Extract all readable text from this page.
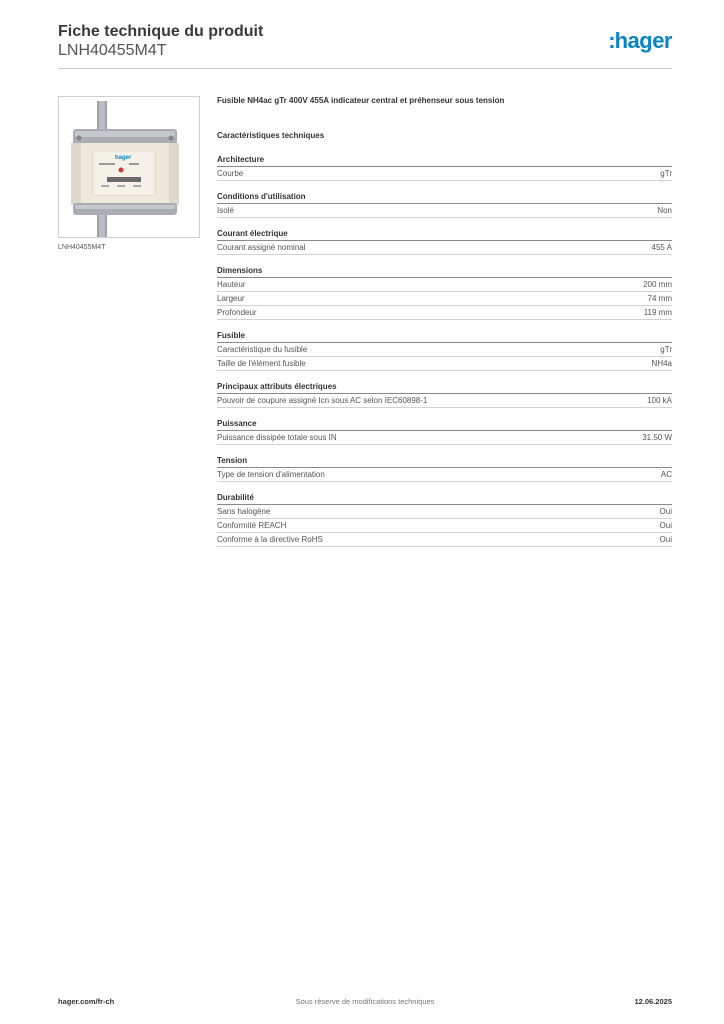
Fiche technique du produit
LNH40455M4T	:hager
hager
LNH40455M4T
Fusible NH4ac gTr 400V 455A indicateur central et préhenseur sous tension
Caractéristiques techniques
Architecture
Courbe	gTr
Conditions d'utilisation
Isolé	Non
Courant électrique
Courant assigné nominal	455 A
Dimensions
Hauteur	200 mm
Largeur	74 mm
Profondeur	119 mm
Fusible
Caractéristique du fusible	gTr
Taille de l'élément fusible	NH4a
Principaux attributs électriques
Pouvoir de coupure assigné Icn sous AC selon IEC60898-1	100 kA
Puissance
Puissance dissipée totale sous IN	31.50 W
Tension
Type de tension d'alimentation	AC
Durabilité
Sans halogène	Oui
Conformité REACH	Oui
Conforme à la directive RoHS	Oui
hager.com/fr-ch	Sous réserve de modifications techniques	12.06.2025
